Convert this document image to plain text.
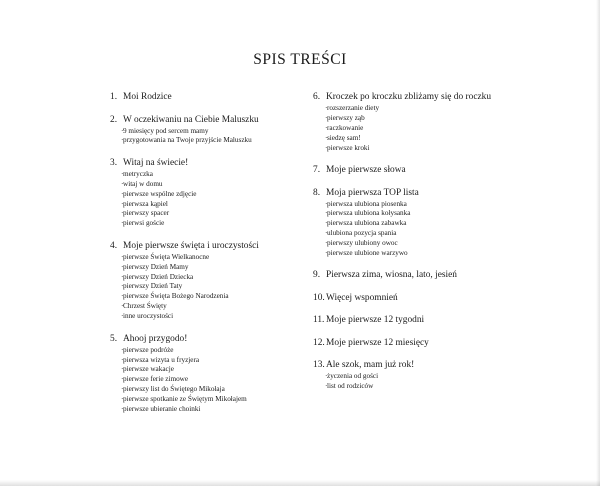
SPIS TREŚCI
1. Moi Rodzice
2. W oczekiwaniu na Ciebie Maluszku
· 9 miesięcy pod sercem mamy
· przygotowania na Twoje przyjście Maluszku
3. Witaj na świecie!
· metryczka
· witaj w domu
· pierwsze wspólne zdjęcie
· pierwsza kąpiel
· pierwszy spacer
· pierwsi goście
4. Moje pierwsze święta i uroczystości
· pierwsze Święta Wielkanocne
· pierwszy Dzień Mamy
· pierwszy Dzień Dziecka
· pierwszy Dzień Taty
· pierwsze Święta Bożego Narodzenia
· Chrzest Święty
· inne uroczystości
5. Ahooj przygodo!
· pierwsze podróże
· pierwsza wizyta u fryzjera
· pierwsze wakacje
· pierwsze ferie zimowe
· pierwszy list do Świętego Mikołaja
· pierwsze spotkanie ze Świętym Mikołajem
· pierwsze ubieranie choinki
6. Kroczek po kroczku zbliżamy się do roczku
· rozszerzanie diety
· pierwszy ząb
· raczkowanie
· siedzę sam!
· pierwsze kroki
7. Moje pierwsze słowa
8. Moja pierwsza TOP lista
· pierwsza ulubiona piosenka
· pierwsza ulubiona kołysanka
· pierwsza ulubiona zabawka
· ulubiona pozycja spania
· pierwszy ulubiony owoc
· pierwsze ulubione warzywo
9. Pierwsza zima, wiosna, lato, jesień
10.Więcej wspomnień
11. Moje pierwsze 12 tygodni
12.Moje pierwsze 12 miesięcy
13.Ale szok, mam już rok!
· życzenia od gości
· list od rodziców
